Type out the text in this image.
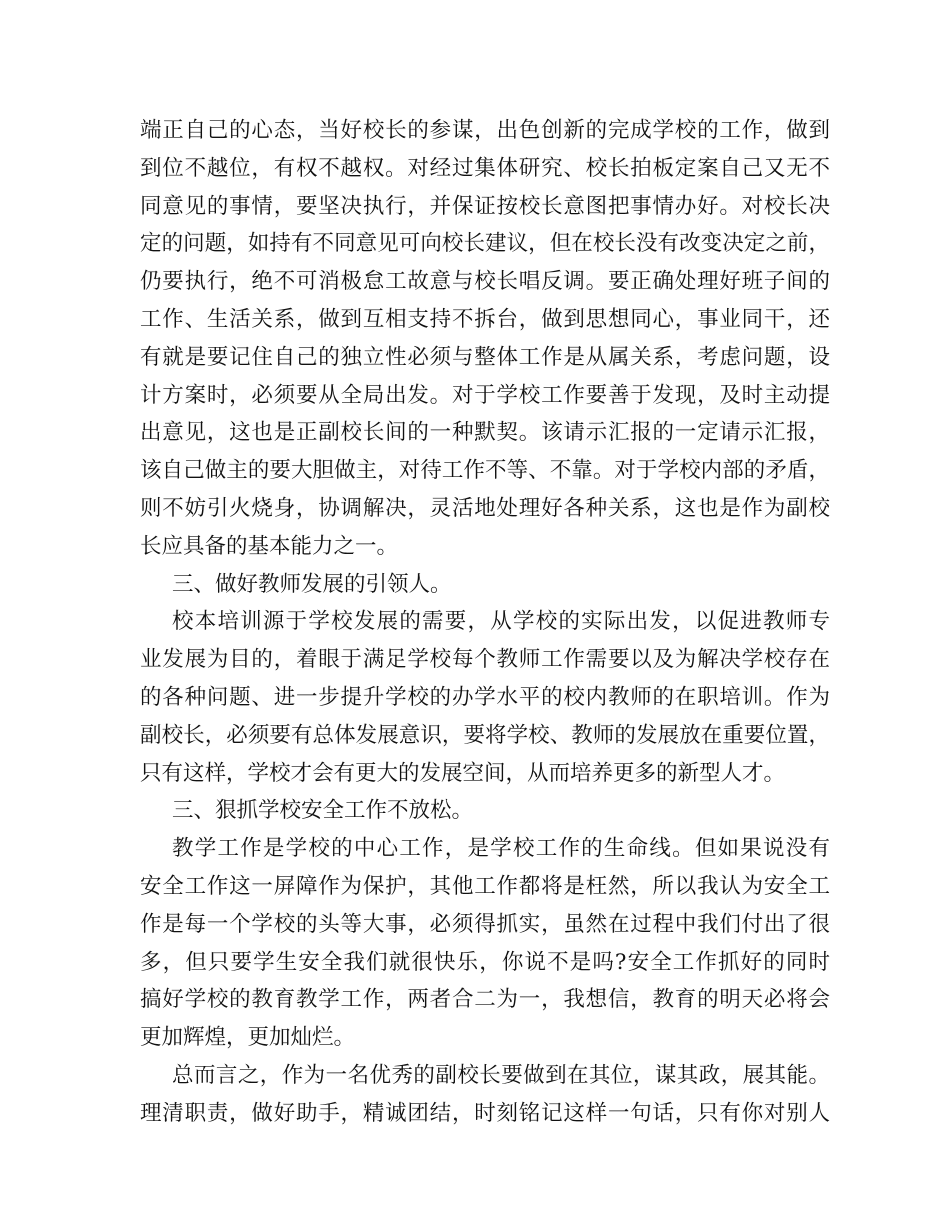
端正自己的心态，当好校长的参谋，出色创新的完成学校的工作，做到
到位不越位，有权不越权。对经过集体研究、校长拍板定案自己又无不
同意见的事情，要坚决执行，并保证按校长意图把事情办好。对校长决
定的问题，如持有不同意见可向校长建议，但在校长没有改变决定之前，
仍要执行，绝不可消极怠工故意与校长唱反调。要正确处理好班子间的
工作、生活关系，做到互相支持不拆台，做到思想同心，事业同干，还
有就是要记住自己的独立性必须与整体工作是从属关系，考虑问题，设
计方案时，必须要从全局出发。对于学校工作要善于发现，及时主动提
出意见，这也是正副校长间的一种默契。该请示汇报的一定请示汇报，
该自己做主的要大胆做主，对待工作不等、不靠。对于学校内部的矛盾，
则不妨引火烧身，协调解决，灵活地处理好各种关系，这也是作为副校
长应具备的基本能力之一。
三、做好教师发展的引领人。
校本培训源于学校发展的需要，从学校的实际出发，以促进教师专
业发展为目的，着眼于满足学校每个教师工作需要以及为解决学校存在
的各种问题、进一步提升学校的办学水平的校内教师的在职培训。作为
副校长，必须要有总体发展意识，要将学校、教师的发展放在重要位置，
只有这样，学校才会有更大的发展空间，从而培养更多的新型人才。
三、狠抓学校安全工作不放松。
教学工作是学校的中心工作，是学校工作的生命线。但如果说没有
安全工作这一屏障作为保护，其他工作都将是枉然，所以我认为安全工
作是每一个学校的头等大事，必须得抓实，虽然在过程中我们付出了很
多，但只要学生安全我们就很快乐，你说不是吗?安全工作抓好的同时
搞好学校的教育教学工作，两者合二为一，我想信，教育的明天必将会
更加辉煌，更加灿烂。
总而言之，作为一名优秀的副校长要做到在其位，谋其政，展其能。
理清职责，做好助手，精诚团结，时刻铭记这样一句话，只有你对别人
